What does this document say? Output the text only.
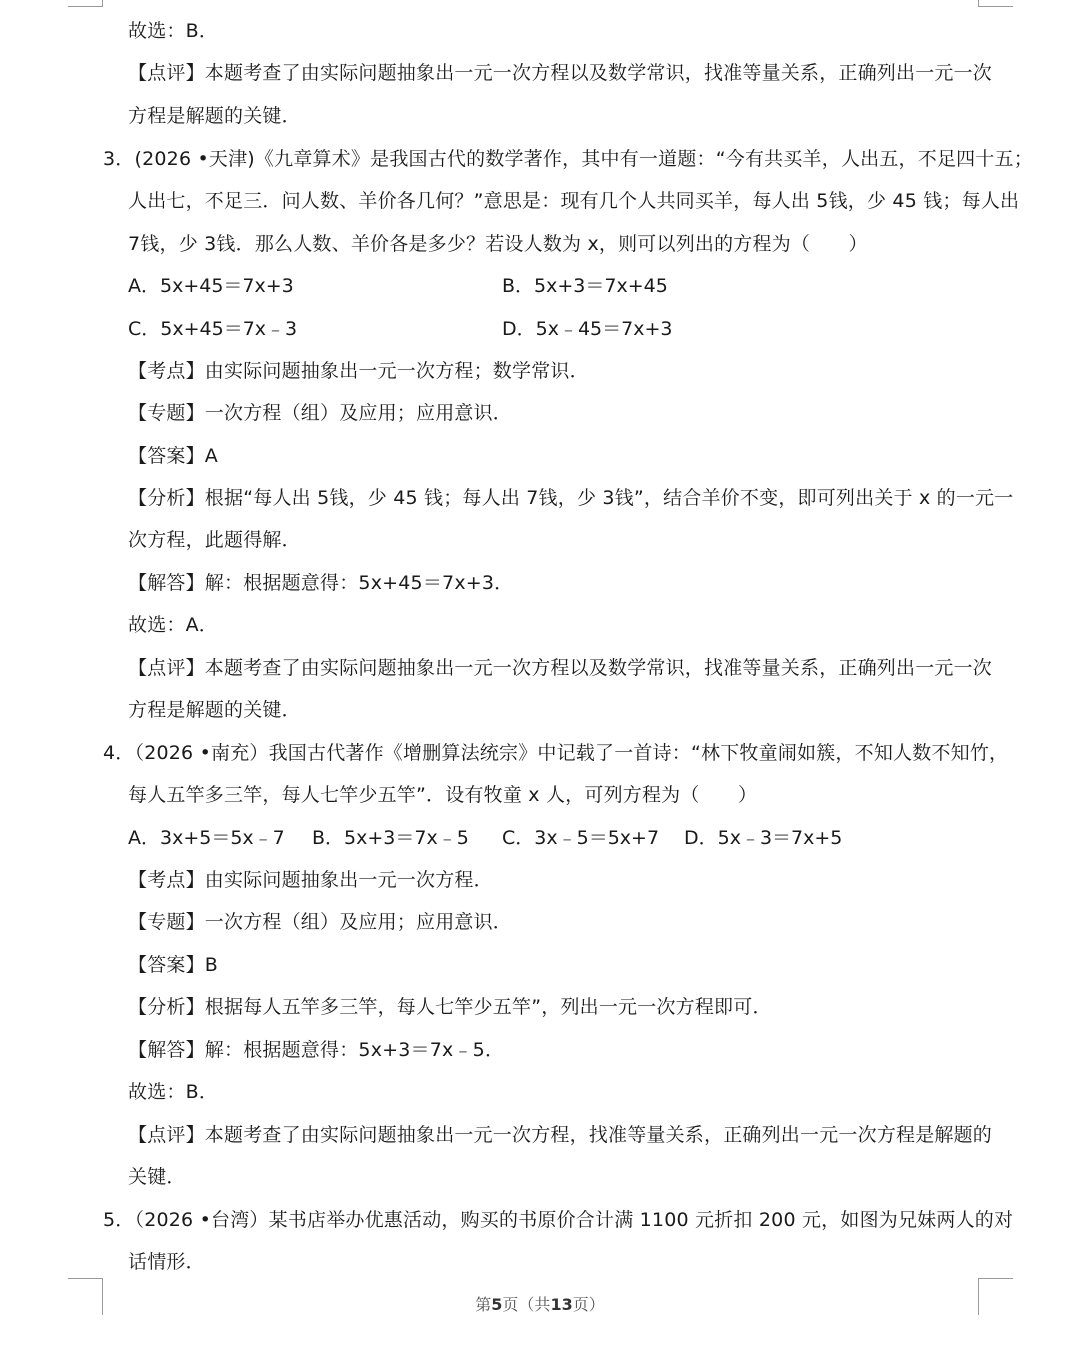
故选：B．
【点评】本题考查了由实际问题抽象出一元一次方程以及数学常识，找准等量关系，正确列出一元一次
方程是解题的关键．
3．(2026 •天津)《九章算术》是我国古代的数学著作，其中有一道题：“今有共买羊，人出五，不足四十五；
人出七，不足三．问人数、羊价各几何？”意思是：现有几个人共同买羊，每人出 5钱，少 45 钱；每人出
7钱，少 3钱．那么人数、羊价各是多少？若设人数为 x，则可以列出的方程为（　　）
A．5x+45＝7x+3	B．5x+3＝7x+45
C．5x+45＝7x﹣3	D．5x﹣45＝7x+3
【考点】由实际问题抽象出一元一次方程；数学常识．
【专题】一次方程（组）及应用；应用意识．
【答案】A
【分析】根据“每人出 5钱，少 45 钱；每人出 7钱，少 3钱”，结合羊价不变，即可列出关于 x 的一元一
次方程，此题得解．
【解答】解：根据题意得：5x+45＝7x+3．
故选：A．
【点评】本题考查了由实际问题抽象出一元一次方程以及数学常识，找准等量关系，正确列出一元一次
方程是解题的关键．
4．（2026 •南充）我国古代著作《增删算法统宗》中记载了一首诗：“林下牧童闹如簇，不知人数不知竹，
每人五竿多三竿，每人七竿少五竿”．设有牧童 x 人，可列方程为（　　）
A．3x+5＝5x﹣7 B．5x+3＝7x﹣5 C．3x﹣5＝5x+7 D．5x﹣3＝7x+5
【考点】由实际问题抽象出一元一次方程．
【专题】一次方程（组）及应用；应用意识．
【答案】B
【分析】根据每人五竿多三竿，每人七竿少五竿”，列出一元一次方程即可．
【解答】解：根据题意得：5x+3＝7x﹣5．
故选：B．
【点评】本题考查了由实际问题抽象出一元一次方程，找准等量关系，正确列出一元一次方程是解题的
关键．
5．（2026 •台湾）某书店举办优惠活动，购买的书原价合计满 1100 元折扣 200 元，如图为兄妹两人的对
话情形．
第5页（共13页）
